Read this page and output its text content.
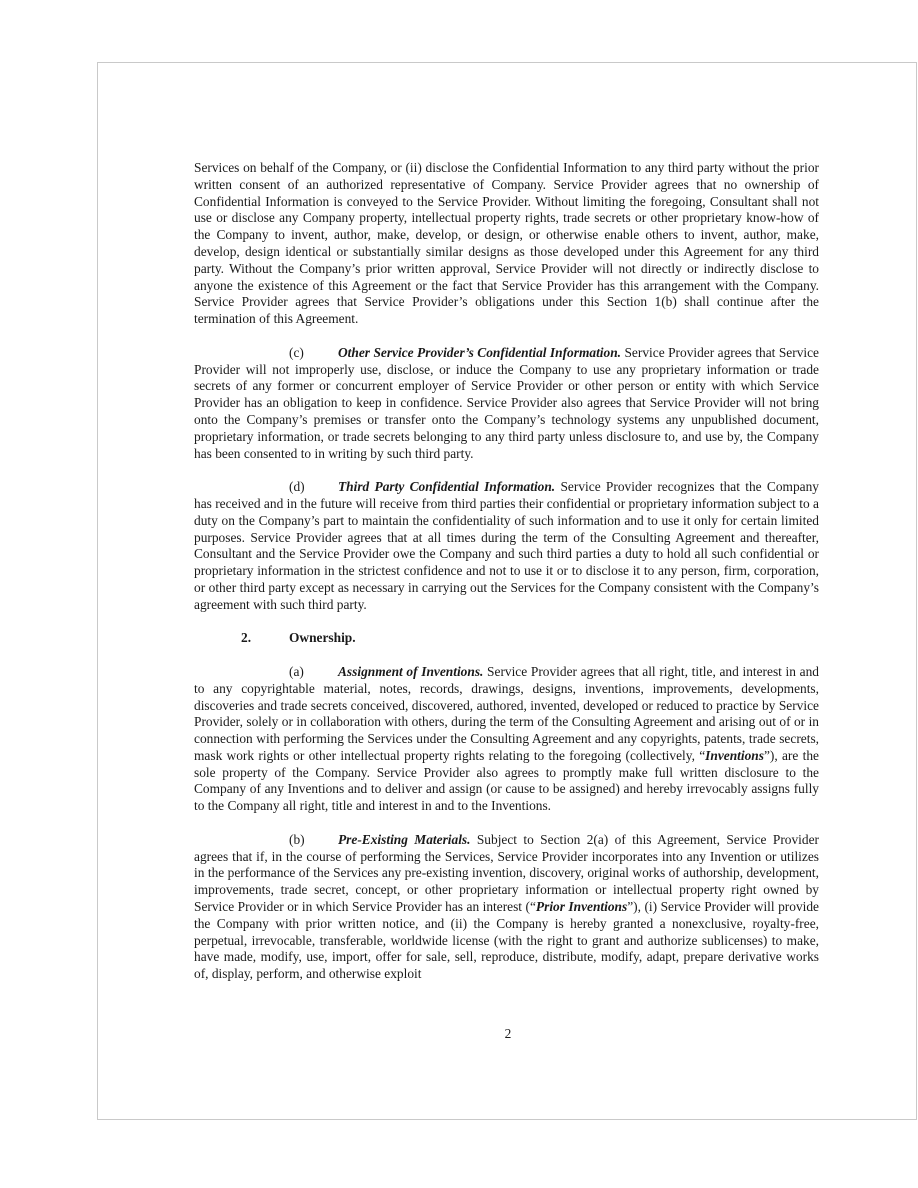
Services on behalf of the Company, or (ii) disclose the Confidential Information to any third party without the prior written consent of an authorized representative of Company. Service Provider agrees that no ownership of Confidential Information is conveyed to the Service Provider. Without limiting the foregoing, Consultant shall not use or disclose any Company property, intellectual property rights, trade secrets or other proprietary know-how of the Company to invent, author, make, develop, or design, or otherwise enable others to invent, author, make, develop, design identical or substantially similar designs as those developed under this Agreement for any third party. Without the Company’s prior written approval, Service Provider will not directly or indirectly disclose to anyone the existence of this Agreement or the fact that Service Provider has this arrangement with the Company. Service Provider agrees that Service Provider’s obligations under this Section 1(b) shall continue after the termination of this Agreement.

(c)	Other Service Provider’s Confidential Information. Service Provider agrees that Service Provider will not improperly use, disclose, or induce the Company to use any proprietary information or trade secrets of any former or concurrent employer of Service Provider or other person or entity with which Service Provider has an obligation to keep in confidence. Service Provider also agrees that Service Provider will not bring onto the Company’s premises or transfer onto the Company’s technology systems any unpublished document, proprietary information, or trade secrets belonging to any third party unless disclosure to, and use by, the Company has been consented to in writing by such third party.

(d) Third Party Confidential Information. Service Provider recognizes that the Company has received and in the future will receive from third parties their confidential or proprietary information subject to a duty on the Company’s part to maintain the confidentiality of such information and to use it only for certain limited purposes. Service Provider agrees that at all times during the term of the Consulting Agreement and thereafter, Consultant and the Service Provider owe the Company and such third parties a duty to hold all such confidential or proprietary information in the strictest confidence and not to use it or to disclose it to any person, firm, corporation, or other third party except as necessary in carrying out the Services for the Company consistent with the Company’s agreement with such third party.

2.	Ownership.

(a)	Assignment of Inventions. Service Provider agrees that all right, title, and interest in and to any copyrightable material, notes, records, drawings, designs, inventions, improvements, developments, discoveries and trade secrets conceived, discovered, authored, invented, developed or reduced to practice by Service Provider, solely or in collaboration with others, during the term of the Consulting Agreement and arising out of or in connection with performing the Services under the Consulting Agreement and any copyrights, patents, trade secrets, mask work rights or other intellectual property rights relating to the foregoing (collectively, “Inventions”), are the sole property of the Company. Service Provider also agrees to promptly make full written disclosure to the Company of any Inventions and to deliver and assign (or cause to be assigned) and hereby irrevocably assigns fully to the Company all right, title and interest in and to the Inventions.

(b) Pre-Existing Materials. Subject to Section 2(a) of this Agreement, Service Provider agrees that if, in the course of performing the Services, Service Provider incorporates into any Invention or utilizes in the performance of the Services any pre-existing invention, discovery, original works of authorship, development, improvements, trade secret, concept, or other proprietary information or intellectual property right owned by Service Provider or in which Service Provider has an interest (“Prior Inventions”), (i) Service Provider will provide the Company with prior written notice, and (ii) the Company is hereby granted a nonexclusive, royalty-free, perpetual, irrevocable, transferable, worldwide license (with the right to grant and authorize sublicenses) to make, have made, modify, use, import, offer for sale, sell, reproduce, distribute, modify, adapt, prepare derivative works of, display, perform, and otherwise exploit

2
